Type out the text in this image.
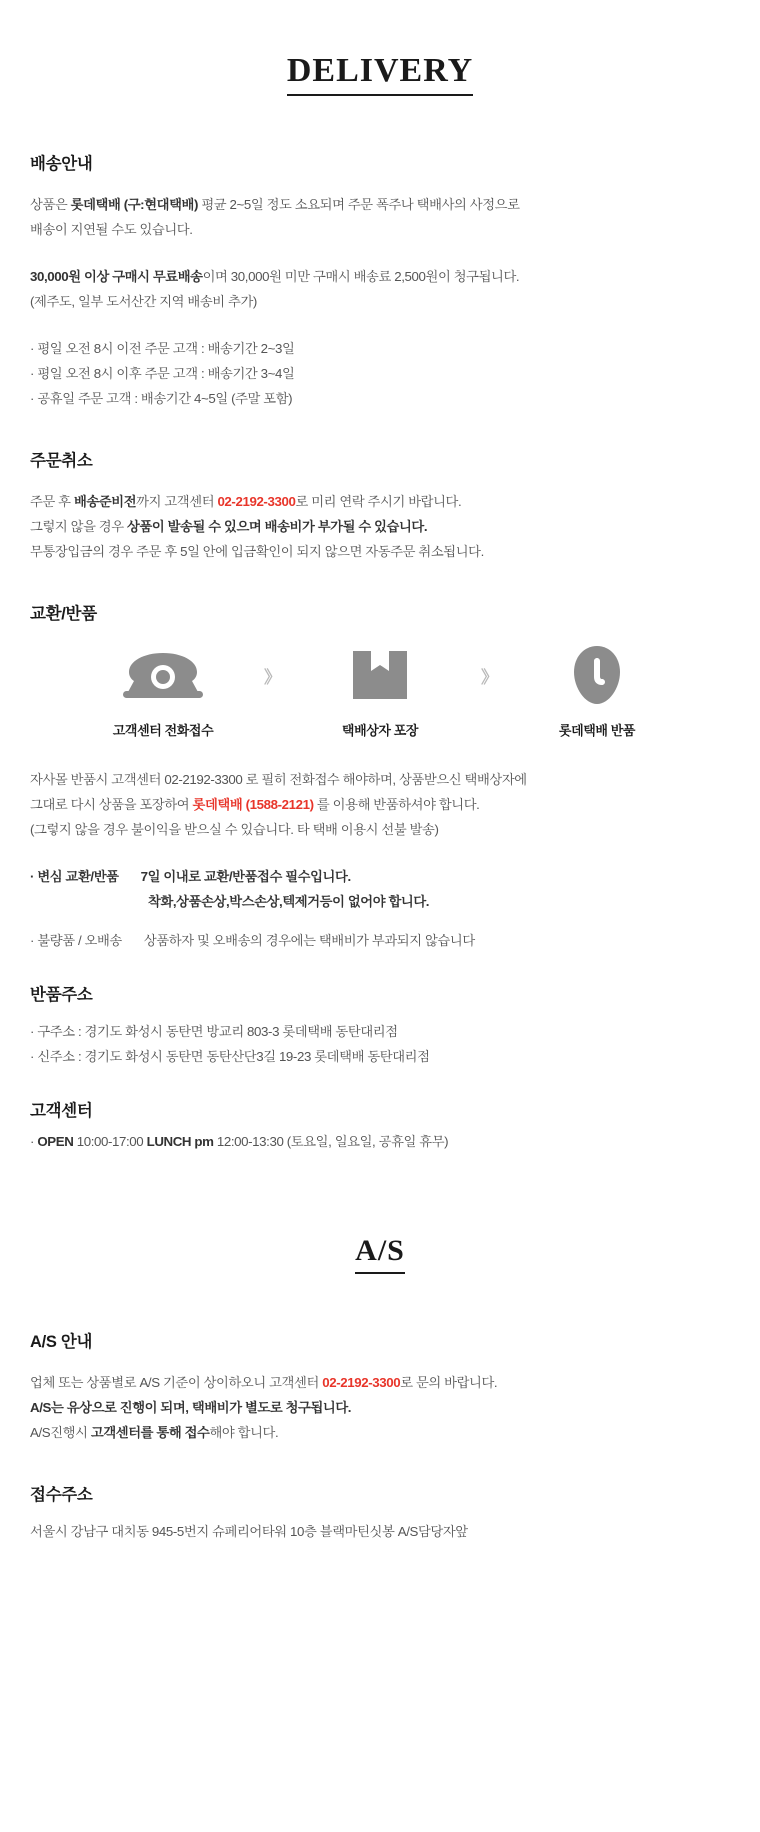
DELIVERY
배송안내

상품은 롯데택배 (구:현대택배) 평균 2~5일 정도 소요되며 주문 폭주나 택배사의 사정으로
배송이 지연될 수도 있습니다.

30,000원 이상 구매시 무료배송이며 30,000원 미만 구매시 배송료 2,500원이 청구됩니다.
(제주도, 일부 도서산간 지역 배송비 추가)

· 평일 오전 8시 이전 주문 고객 : 배송기간 2~3일
· 평일 오전 8시 이후 주문 고객 : 배송기간 3~4일
· 공휴일 주문 고객 : 배송기간 4~5일 (주말 포함)
주문취소

주문 후 배송준비전까지 고객센터 02-2192-3300로 미리 연락 주시기 바랍니다.
그렇지 않을 경우 상품이 발송될 수 있으며 배송비가 부가될 수 있습니다.
무통장입금의 경우 주문 후 5일 안에 입금확인이 되지 않으면 자동주문 취소됩니다.

교환/반품
고객센터 전화접수
》
택배상자 포장
》
롯데택배 반품

자사몰 반품시 고객센터 02-2192-3300 로 필히 전화접수 해야하며, 상품받으신 택배상자에
그대로 다시 상품을 포장하여 롯데택배 (1588-2121) 를 이용해 반품하셔야 합니다.
(그렇지 않을 경우 불이익을 받으실 수 있습니다. 타 택배 이용시 선불 발송)

· 변심 교환/반품	7일 이내로 교환/반품접수 필수입니다.
착화,상품손상,박스손상,텍제거등이 없어야 합니다.
· 불량품 / 오배송	상품하자 및 오배송의 경우에는 택배비가 부과되지 않습니다
반품주소
· 구주소 : 경기도 화성시 동탄면 방교리 803-3 롯데택배 동탄대리점
· 신주소 : 경기도 화성시 동탄면 동탄산단3길 19-23 롯데택배 동탄대리점
고객센터
· OPEN 10:00-17:00 LUNCH pm 12:00-13:30 (토요일, 일요일, 공휴일 휴무)
A/S
A/S 안내

업체 또는 상품별로 A/S 기준이 상이하오니 고객센터 02-2192-3300로 문의 바랍니다.
A/S는 유상으로 진행이 되며, 택배비가 별도로 청구됩니다.
A/S진행시 고객센터를 통해 접수해야 합니다.

접수주소
서울시 강남구 대치동 945-5번지 슈페리어타워 10층 블랙마틴싯봉 A/S담당자앞
